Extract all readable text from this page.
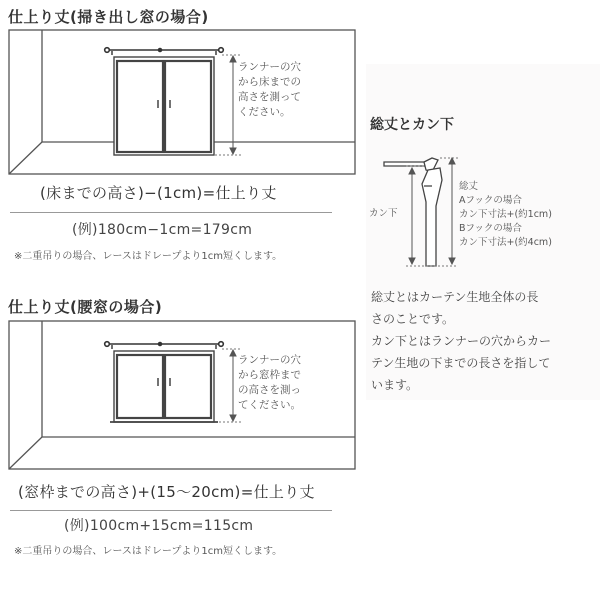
仕上り丈(掃き出し窓の場合)
ランナーの穴
から床までの
高さを測って
ください。
(床までの高さ)−(1cm)=仕上り丈
(例)180cm−1cm=179cm
※二重吊りの場合、レースはドレープより1cm短くします。
仕上り丈(腰窓の場合)
ランナーの穴
から窓枠まで
の高さを測っ
てください。
(窓枠までの高さ)+(15〜20cm)=仕上り丈
(例)100cm+15cm=115cm
※二重吊りの場合、レースはドレープより1cm短くします。
総丈とカン下
カン下
総丈
Aフックの場合
カン下寸法+(約1cm)
Bフックの場合
カン下寸法+(約4cm)
総丈とはカーテン生地全体の長
さのことです。
カン下とはランナーの穴からカー
テン生地の下までの長さを指して
います。
